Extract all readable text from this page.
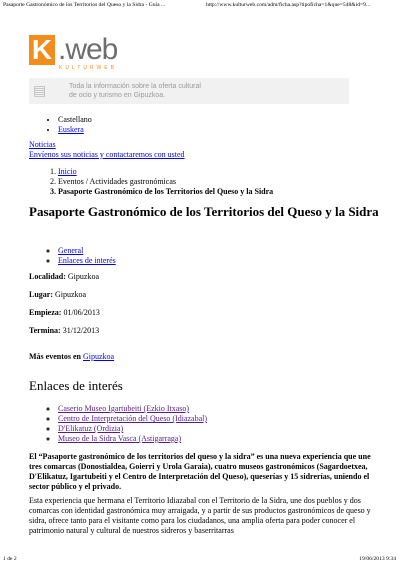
Pasaporte Gastronómico de los Territorios del Queso y la Sidra - Guía ...	http://www.kulturweb.com/adm/ficha.asp?tipoficha=1&que=548&id=9...
K .web
KULTURWEB
▤	Toda la información sobre la oferta cultural
de ocio y turismo en Gipuzkoa.
• Castellano
• Euskera
Noticias
Envíenos sus noticias y contactaremos con usted
1. Inicio
2. Eventos / Actividades gastronómicas
3. Pasaporte Gastronómico de los Territorios del Queso y la Sidra
Pasaporte Gastronómico de los Territorios del Queso y la Sidra
◦ General
◦ Enlaces de interés
Localidad: Gipuzkoa
Lugar: Gipuzkoa
Empieza: 01/06/2013
Termina: 31/12/2013
Más eventos en Gipuzkoa
Enlaces de interés
◦ Caserio Museo Igartubeiti (Ezkio Itxaso)
◦ Centro de Interpretación del Queso (Idiazabal)
◦ D'Elikatuz (Ordizia)
◦ Museo de la Sidra Vasca (Astigarraga)
El “Pasaporte gastronómico de los territorios del queso y la sidra” es una nueva experiencia que une tres comarcas (Donostialdea, Goierri y Urola Garaia), cuatro museos gastronómicos (Sagardoetxea, D'Elikatuz, Igartubeiti y el Centro de Interpretación del Queso), queserías y 15 sidrerías, uniendo el sector público y el privado.
Esta experiencia que hermana el Territorio Idiazabal con el Territorio de la Sidra, une dos pueblos y dos comarcas con identidad gastronómica muy arraigada, y a partir de sus productos gastronómicos de queso y sidra, ofrece tanto para el visitante como para los ciudadanos, una amplia oferta para poder conocer el patrimonio natural y cultural de nuestros sidreros y baserritarras
1 de 2	19/06/2013 9:34
